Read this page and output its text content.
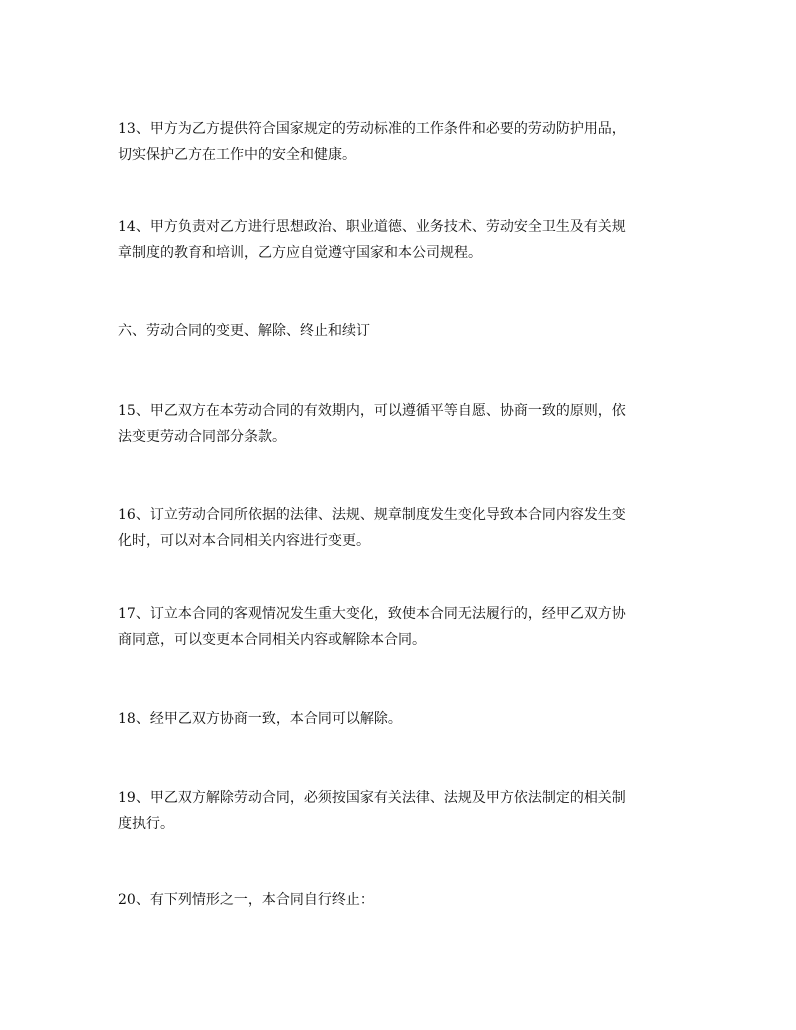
13、甲方为乙方提供符合国家规定的劳动标准的工作条件和必要的劳动防护用品，
切实保护乙方在工作中的安全和健康。

14、甲方负责对乙方进行思想政治、职业道德、业务技术、劳动安全卫生及有关规
章制度的教育和培训，乙方应自觉遵守国家和本公司规程。

六、劳动合同的变更、解除、终止和续订

15、甲乙双方在本劳动合同的有效期内，可以遵循平等自愿、协商一致的原则，依
法变更劳动合同部分条款。

16、订立劳动合同所依据的法律、法规、规章制度发生变化导致本合同内容发生变
化时，可以对本合同相关内容进行变更。

17、订立本合同的客观情况发生重大变化，致使本合同无法履行的，经甲乙双方协
商同意，可以变更本合同相关内容或解除本合同。

18、经甲乙双方协商一致，本合同可以解除。

19、甲乙双方解除劳动合同，必须按国家有关法律、法规及甲方依法制定的相关制
度执行。

20、有下列情形之一，本合同自行终止：
